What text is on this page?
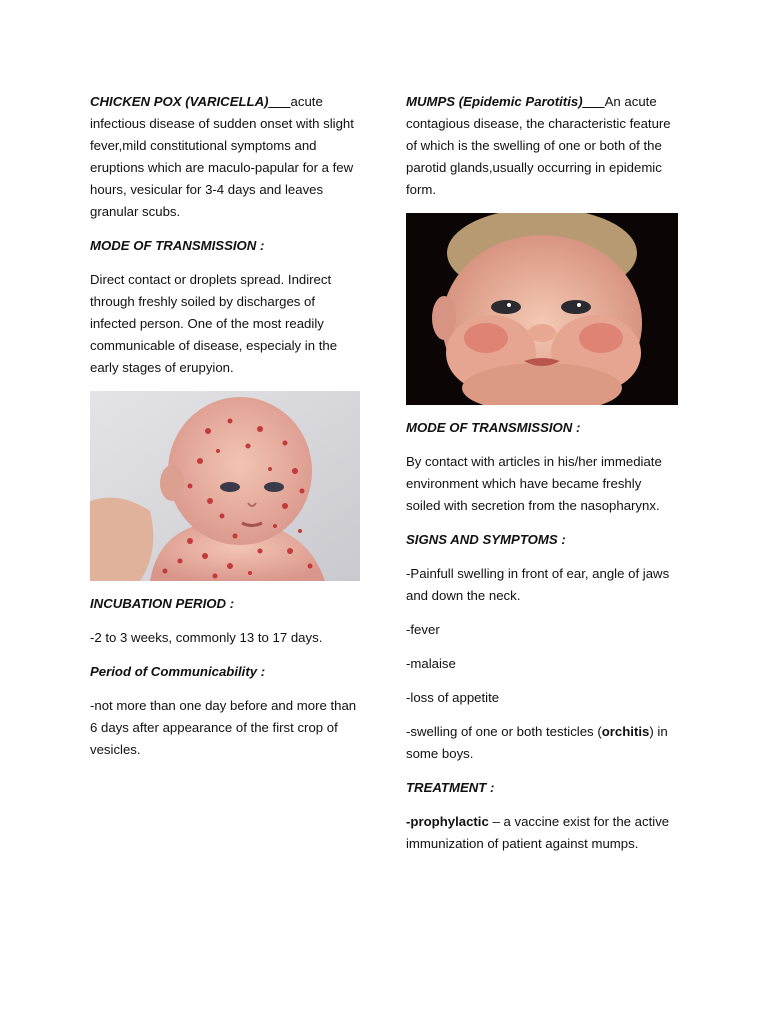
CHICKEN POX (VARICELLA)___acute infectious disease of sudden onset with slight fever,mild constitutional symptoms and eruptions which are maculo-papular for a few hours, vesicular for 3-4 days and leaves granular scubs.

MODE OF TRANSMISSION :

Direct contact or droplets spread. Indirect through freshly soiled by discharges of infected person. One of the most readily communicable of disease, especialy in the early stages of erupyion.

INCUBATION PERIOD :

-2 to 3 weeks, commonly 13 to 17 days.

Period of Communicability :

-not more than one day before and more than 6 days after appearance of the first crop of vesicles.

MUMPS (Epidemic Parotitis)___An acute contagious disease, the characteristic feature of which is the swelling of one or both of the parotid glands,usually occurring in epidemic form.

MODE OF TRANSMISSION :

By contact with articles in his/her immediate environment which have became freshly soiled with secretion from the nasopharynx.

SIGNS AND SYMPTOMS :

-Painfull swelling in front of ear, angle of jaws and down the neck.

-fever

-malaise

-loss of appetite

-swelling of one or both testicles (orchitis) in some boys.

TREATMENT :

-prophylactic – a vaccine exist for the active immunization of patient against mumps.
